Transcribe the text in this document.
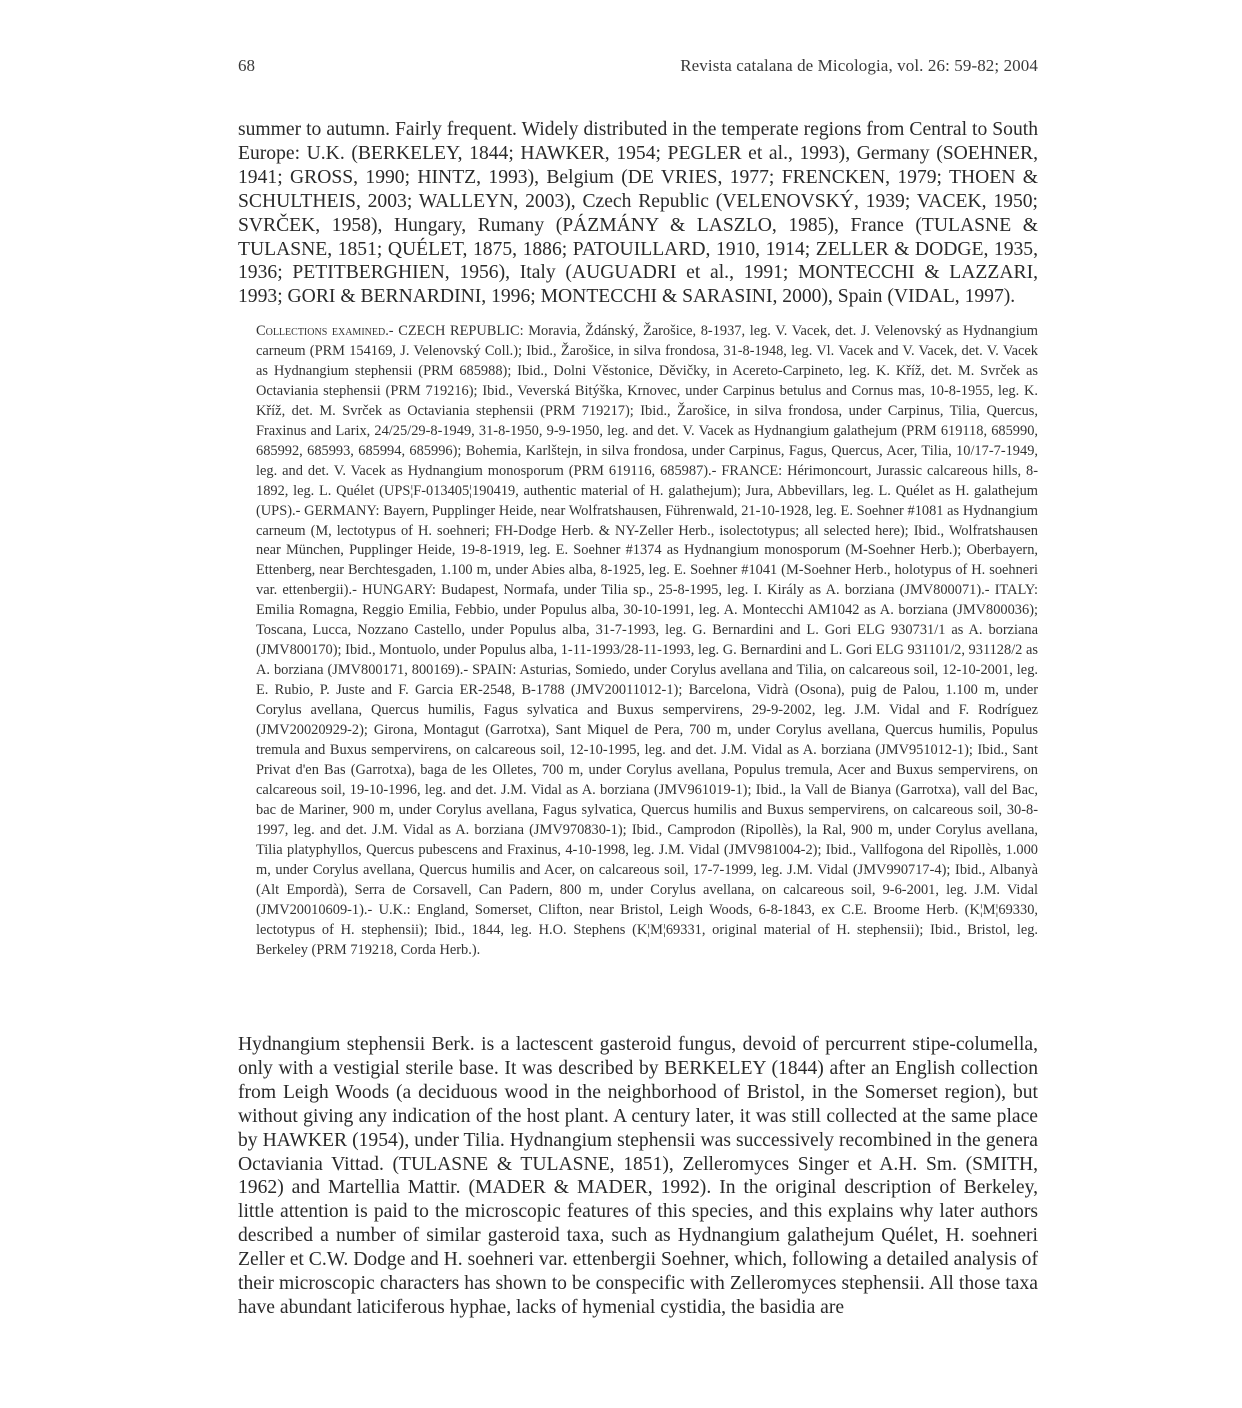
68	Revista catalana de Micologia, vol. 26: 59-82; 2004

summer to autumn. Fairly frequent. Widely distributed in the temperate regions from Central to South Europe: U.K. (BERKELEY, 1844; HAWKER, 1954; PEGLER et al., 1993), Germany (SOEHNER, 1941; GROSS, 1990; HINTZ, 1993), Belgium (DE VRIES, 1977; FRENCKEN, 1979; THOEN & SCHULTHEIS, 2003; WALLEYN, 2003), Czech Republic (VELENOVSKÝ, 1939; VACEK, 1950; SVRČEK, 1958), Hungary, Rumany (PÁZMÁNY & LASZLO, 1985), France (TULASNE & TULASNE, 1851; QUÉLET, 1875, 1886; PATOUILLARD, 1910, 1914; ZELLER & DODGE, 1935, 1936; PETITBERGHIEN, 1956), Italy (AUGUADRI et al., 1991; MONTECCHI & LAZZARI, 1993; GORI & BERNARDINI, 1996; MONTECCHI & SARASINI, 2000), Spain (VIDAL, 1997).

Collections examined.- CZECH REPUBLIC: Moravia, Ždánský, Žarošice, 8-1937, leg. V. Vacek, det. J. Velenovský as Hydnangium carneum (PRM 154169, J. Velenovský Coll.); Ibid., Žarošice, in silva frondosa, 31-8-1948, leg. Vl. Vacek and V. Vacek, det. V. Vacek as Hydnangium stephensii (PRM 685988); Ibid., Dolni Věstonice, Děvičky, in Acereto-Carpineto, leg. K. Kříž, det. M. Svrček as Octaviania stephensii (PRM 719216); Ibid., Veverská Bitýška, Krnovec, under Carpinus betulus and Cornus mas, 10-8-1955, leg. K. Kříž, det. M. Svrček as Octaviania stephensii (PRM 719217); Ibid., Žarošice, in silva frondosa, under Carpinus, Tilia, Quercus, Fraxinus and Larix, 24/25/29-8-1949, 31-8-1950, 9-9-1950, leg. and det. V. Vacek as Hydnangium galathejum (PRM 619118, 685990, 685992, 685993, 685994, 685996); Bohemia, Karlštejn, in silva frondosa, under Carpinus, Fagus, Quercus, Acer, Tilia, 10/17-7-1949, leg. and det. V. Vacek as Hydnangium monosporum (PRM 619116, 685987).- FRANCE: Hérimoncourt, Jurassic calcareous hills, 8-1892, leg. L. Quélet (UPS¦F-013405¦190419, authentic material of H. galathejum); Jura, Abbevillars, leg. L. Quélet as H. galathejum (UPS).- GERMANY: Bayern, Pupplinger Heide, near Wolfratshausen, Führenwald, 21-10-1928, leg. E. Soehner #1081 as Hydnangium carneum (M, lectotypus of H. soehneri; FH-Dodge Herb. & NY-Zeller Herb., isolectotypus; all selected here); Ibid., Wolfratshausen near München, Pupplinger Heide, 19-8-1919, leg. E. Soehner #1374 as Hydnangium monosporum (M-Soehner Herb.); Oberbayern, Ettenberg, near Berchtesgaden, 1.100 m, under Abies alba, 8-1925, leg. E. Soehner #1041 (M-Soehner Herb., holotypus of H. soehneri var. ettenbergii).- HUNGARY: Budapest, Normafa, under Tilia sp., 25-8-1995, leg. I. Király as A. borziana (JMV800071).- ITALY: Emilia Romagna, Reggio Emilia, Febbio, under Populus alba, 30-10-1991, leg. A. Montecchi AM1042 as A. borziana (JMV800036); Toscana, Lucca, Nozzano Castello, under Populus alba, 31-7-1993, leg. G. Bernardini and L. Gori ELG 930731/1 as A. borziana (JMV800170); Ibid., Montuolo, under Populus alba, 1-11-1993/28-11-1993, leg. G. Bernardini and L. Gori ELG 931101/2, 931128/2 as A. borziana (JMV800171, 800169).- SPAIN: Asturias, Somiedo, under Corylus avellana and Tilia, on calcareous soil, 12-10-2001, leg. E. Rubio, P. Juste and F. Garcia ER-2548, B-1788 (JMV20011012-1); Barcelona, Vidrà (Osona), puig de Palou, 1.100 m, under Corylus avellana, Quercus humilis, Fagus sylvatica and Buxus sempervirens, 29-9-2002, leg. J.M. Vidal and F. Rodríguez (JMV20020929-2); Girona, Montagut (Garrotxa), Sant Miquel de Pera, 700 m, under Corylus avellana, Quercus humilis, Populus tremula and Buxus sempervirens, on calcareous soil, 12-10-1995, leg. and det. J.M. Vidal as A. borziana (JMV951012-1); Ibid., Sant Privat d'en Bas (Garrotxa), baga de les Olletes, 700 m, under Corylus avellana, Populus tremula, Acer and Buxus sempervirens, on calcareous soil, 19-10-1996, leg. and det. J.M. Vidal as A. borziana (JMV961019-1); Ibid., la Vall de Bianya (Garrotxa), vall del Bac, bac de Mariner, 900 m, under Corylus avellana, Fagus sylvatica, Quercus humilis and Buxus sempervirens, on calcareous soil, 30-8-1997, leg. and det. J.M. Vidal as A. borziana (JMV970830-1); Ibid., Camprodon (Ripollès), la Ral, 900 m, under Corylus avellana, Tilia platyphyllos, Quercus pubescens and Fraxinus, 4-10-1998, leg. J.M. Vidal (JMV981004-2); Ibid., Vallfogona del Ripollès, 1.000 m, under Corylus avellana, Quercus humilis and Acer, on calcareous soil, 17-7-1999, leg. J.M. Vidal (JMV990717-4); Ibid., Albanyà (Alt Empordà), Serra de Corsavell, Can Padern, 800 m, under Corylus avellana, on calcareous soil, 9-6-2001, leg. J.M. Vidal (JMV20010609-1).- U.K.: England, Somerset, Clifton, near Bristol, Leigh Woods, 6-8-1843, ex C.E. Broome Herb. (K¦M¦69330, lectotypus of H. stephensii); Ibid., 1844, leg. H.O. Stephens (K¦M¦69331, original material of H. stephensii); Ibid., Bristol, leg. Berkeley (PRM 719218, Corda Herb.).

Hydnangium stephensii Berk. is a lactescent gasteroid fungus, devoid of percurrent stipe-columella, only with a vestigial sterile base. It was described by BERKELEY (1844) after an English collection from Leigh Woods (a deciduous wood in the neighborhood of Bristol, in the Somerset region), but without giving any indication of the host plant. A century later, it was still collected at the same place by HAWKER (1954), under Tilia. Hydnangium stephensii was successively recombined in the genera Octaviania Vittad. (TULASNE & TULASNE, 1851), Zelleromyces Singer et A.H. Sm. (SMITH, 1962) and Martellia Mattir. (MADER & MADER, 1992). In the original description of Berkeley, little attention is paid to the microscopic features of this species, and this explains why later authors described a number of similar gasteroid taxa, such as Hydnangium galathejum Quélet, H. soehneri Zeller et C.W. Dodge and H. soehneri var. ettenbergii Soehner, which, following a detailed analysis of their microscopic characters has shown to be conspecific with Zelleromyces stephensii. All those taxa have abundant laticiferous hyphae, lacks of hymenial cystidia, the basidia are
